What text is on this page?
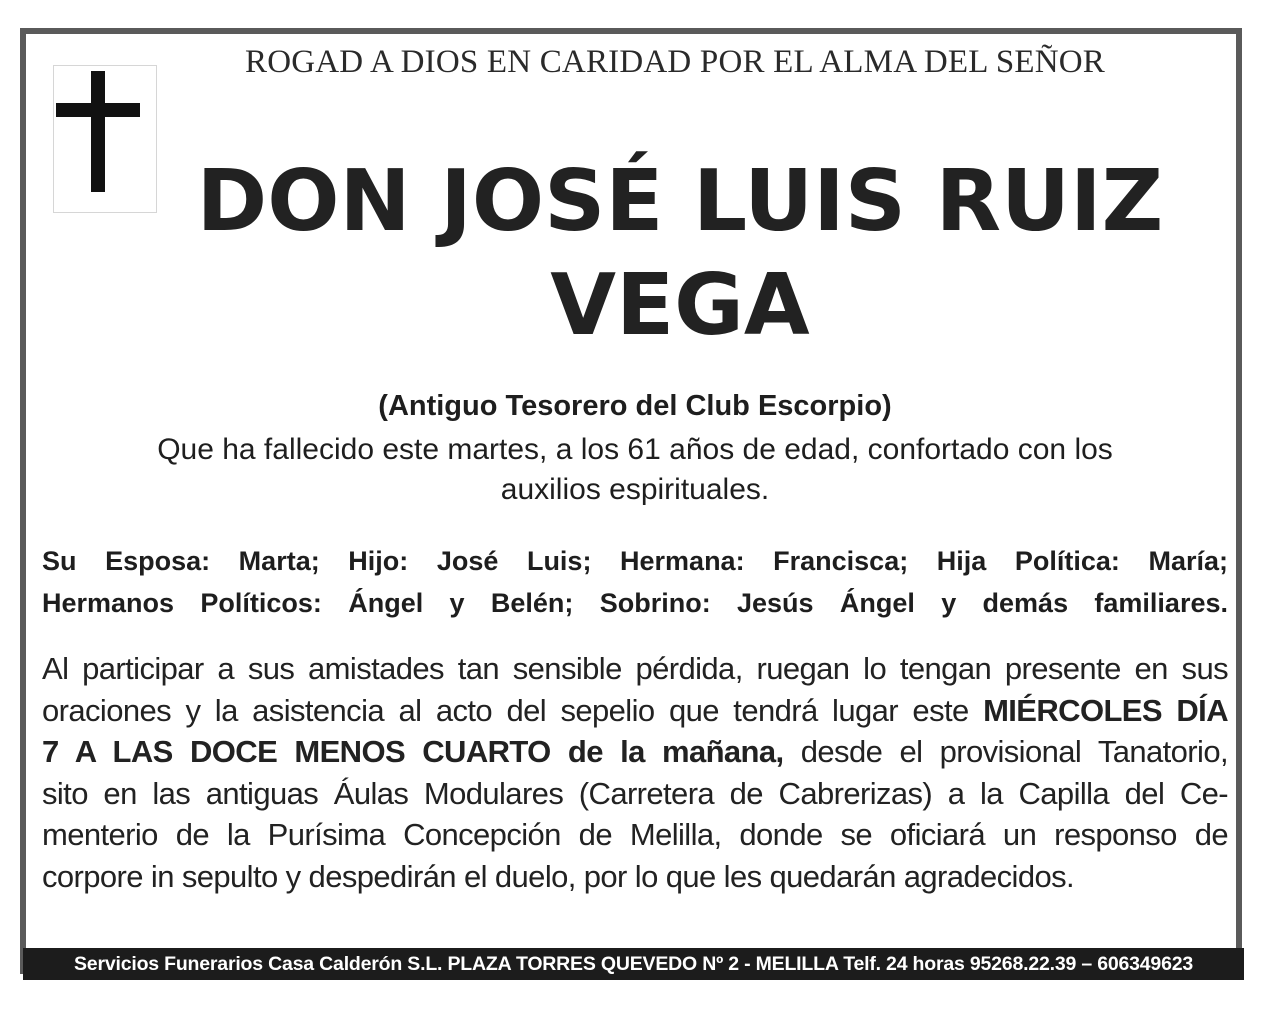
ROGAD A DIOS EN CARIDAD POR EL ALMA DEL SEÑOR
DON JOSÉ LUIS RUIZ
VEGA
(Antiguo Tesorero del Club Escorpio)
Que ha fallecido este martes, a los 61 años de edad, confortado con los
auxilios espirituales.
Su Esposa: Marta; Hijo: José Luis; Hermana: Francisca; Hija Política: María;
Hermanos Políticos: Ángel y Belén; Sobrino: Jesús Ángel y demás familiares.
Al participar a sus amistades tan sensible pérdida, ruegan lo tengan presente en sus
oraciones y la asistencia al acto del sepelio que tendrá lugar este MIÉRCOLES DÍA
7 A LAS DOCE MENOS CUARTO de la mañana, desde el provisional Tanatorio,
sito en las antiguas Áulas Modulares (Carretera de Cabrerizas) a la Capilla del Ce-
menterio de la Purísima Concepción de Melilla, donde se oficiará un responso de
corpore in sepulto y despedirán el duelo, por lo que les quedarán agradecidos.
Servicios Funerarios Casa Calderón S.L. PLAZA TORRES QUEVEDO Nº 2 - MELILLA Telf. 24 horas 95268.22.39 – 606349623
